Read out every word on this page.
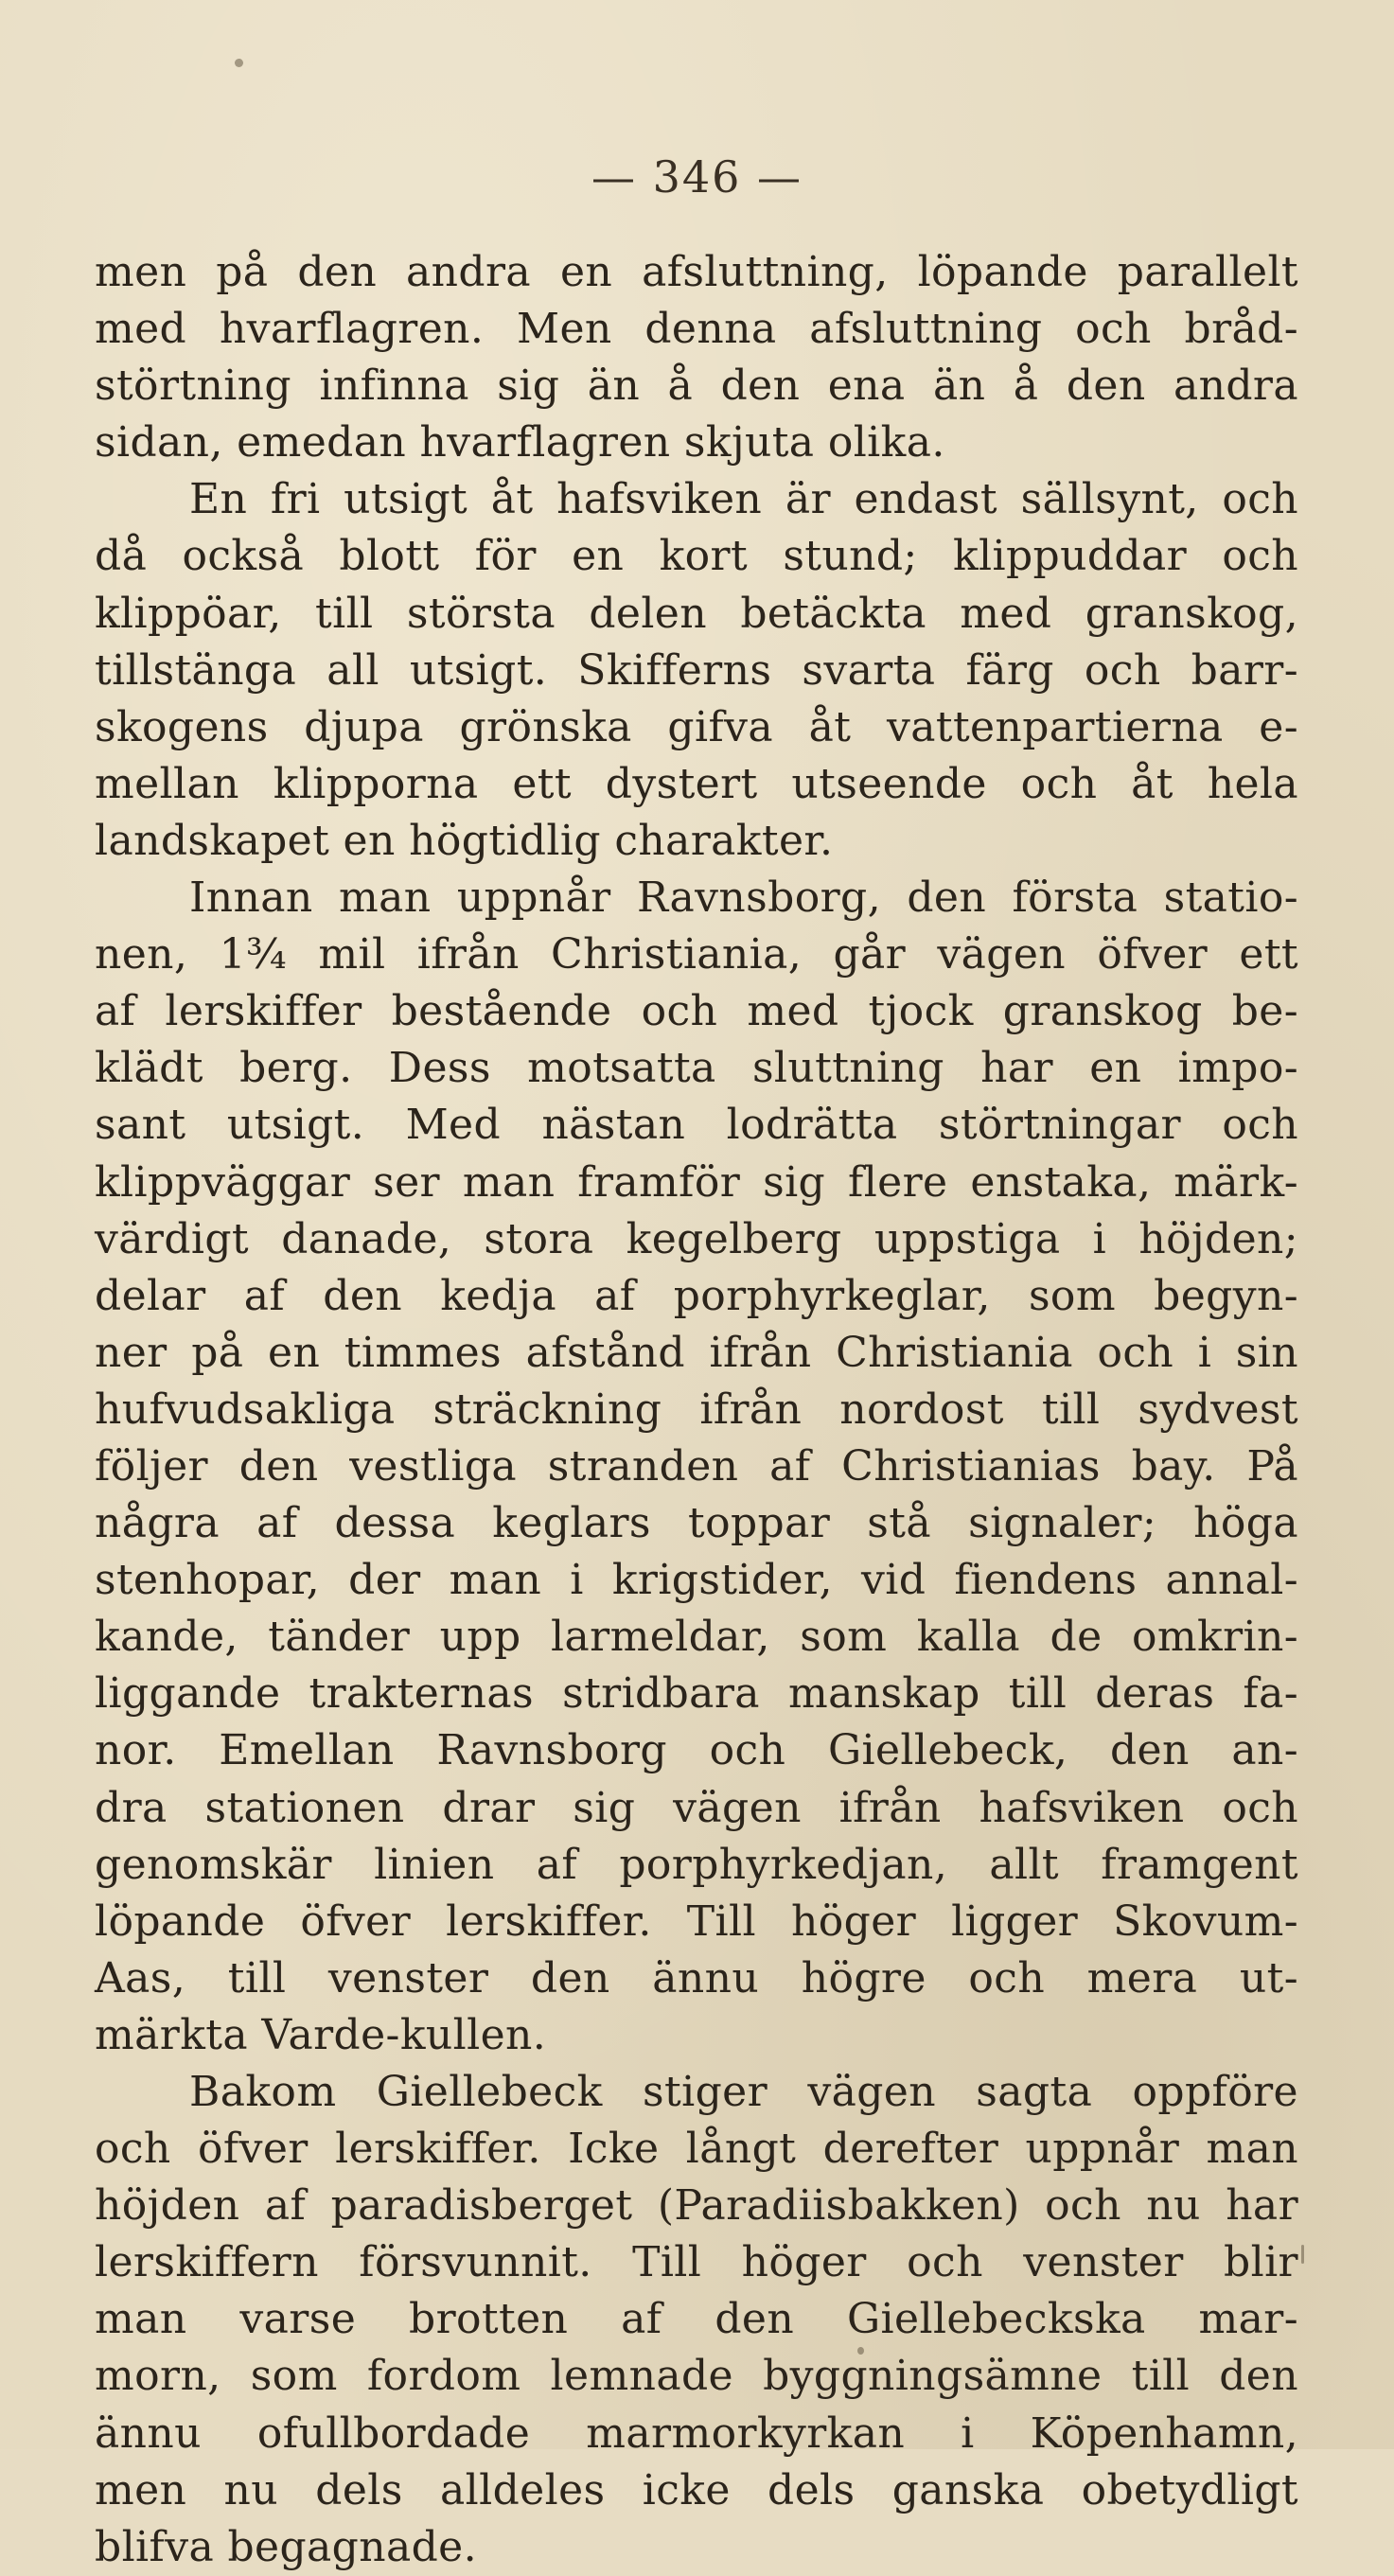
— 346 —
men på den andra en afsluttning, löpande parallelt
med hvarflagren. Men denna afsluttning och bråd-
störtning infinna sig än å den ena än å den andra
sidan, emedan hvarflagren skjuta olika.
En fri utsigt åt hafsviken är endast sällsynt, och
då också blott för en kort stund; klippuddar och
klippöar, till största delen betäckta med granskog,
tillstänga all utsigt. Skifferns svarta färg och barr-
skogens djupa grönska gifva åt vattenpartierna e-
mellan klipporna ett dystert utseende och åt hela
landskapet en högtidlig charakter.
Innan man uppnår Ravnsborg, den första statio-
nen, 1¾ mil ifrån Christiania, går vägen öfver ett
af lerskiffer bestående och med tjock granskog be-
klädt berg. Dess motsatta sluttning har en impo-
sant utsigt. Med nästan lodrätta störtningar och
klippväggar ser man framför sig flere enstaka, märk-
värdigt danade, stora kegelberg uppstiga i höjden;
delar af den kedja af porphyrkeglar, som begyn-
ner på en timmes afstånd ifrån Christiania och i sin
hufvudsakliga sträckning ifrån nordost till sydvest
följer den vestliga stranden af Christianias bay. På
några af dessa keglars toppar stå signaler; höga
stenhopar, der man i krigstider, vid fiendens annal-
kande, tänder upp larmeldar, som kalla de omkrin-
liggande trakternas stridbara manskap till deras fa-
nor. Emellan Ravnsborg och Giellebeck, den an-
dra stationen drar sig vägen ifrån hafsviken och
genomskär linien af porphyrkedjan, allt framgent
löpande öfver lerskiffer. Till höger ligger Skovum-
Aas, till venster den ännu högre och mera ut-
märkta Varde-kullen.
Bakom Giellebeck stiger vägen sagta oppföre
och öfver lerskiffer. Icke långt derefter uppnår man
höjden af paradisberget (Paradiisbakken) och nu har
lerskiffern försvunnit. Till höger och venster blir
man varse brotten af den Giellebeckska mar-
morn, som fordom lemnade byggningsämne till den
ännu ofullbordade marmorkyrkan i Köpenhamn,
men nu dels alldeles icke dels ganska obetydligt
blifva begagnade.
